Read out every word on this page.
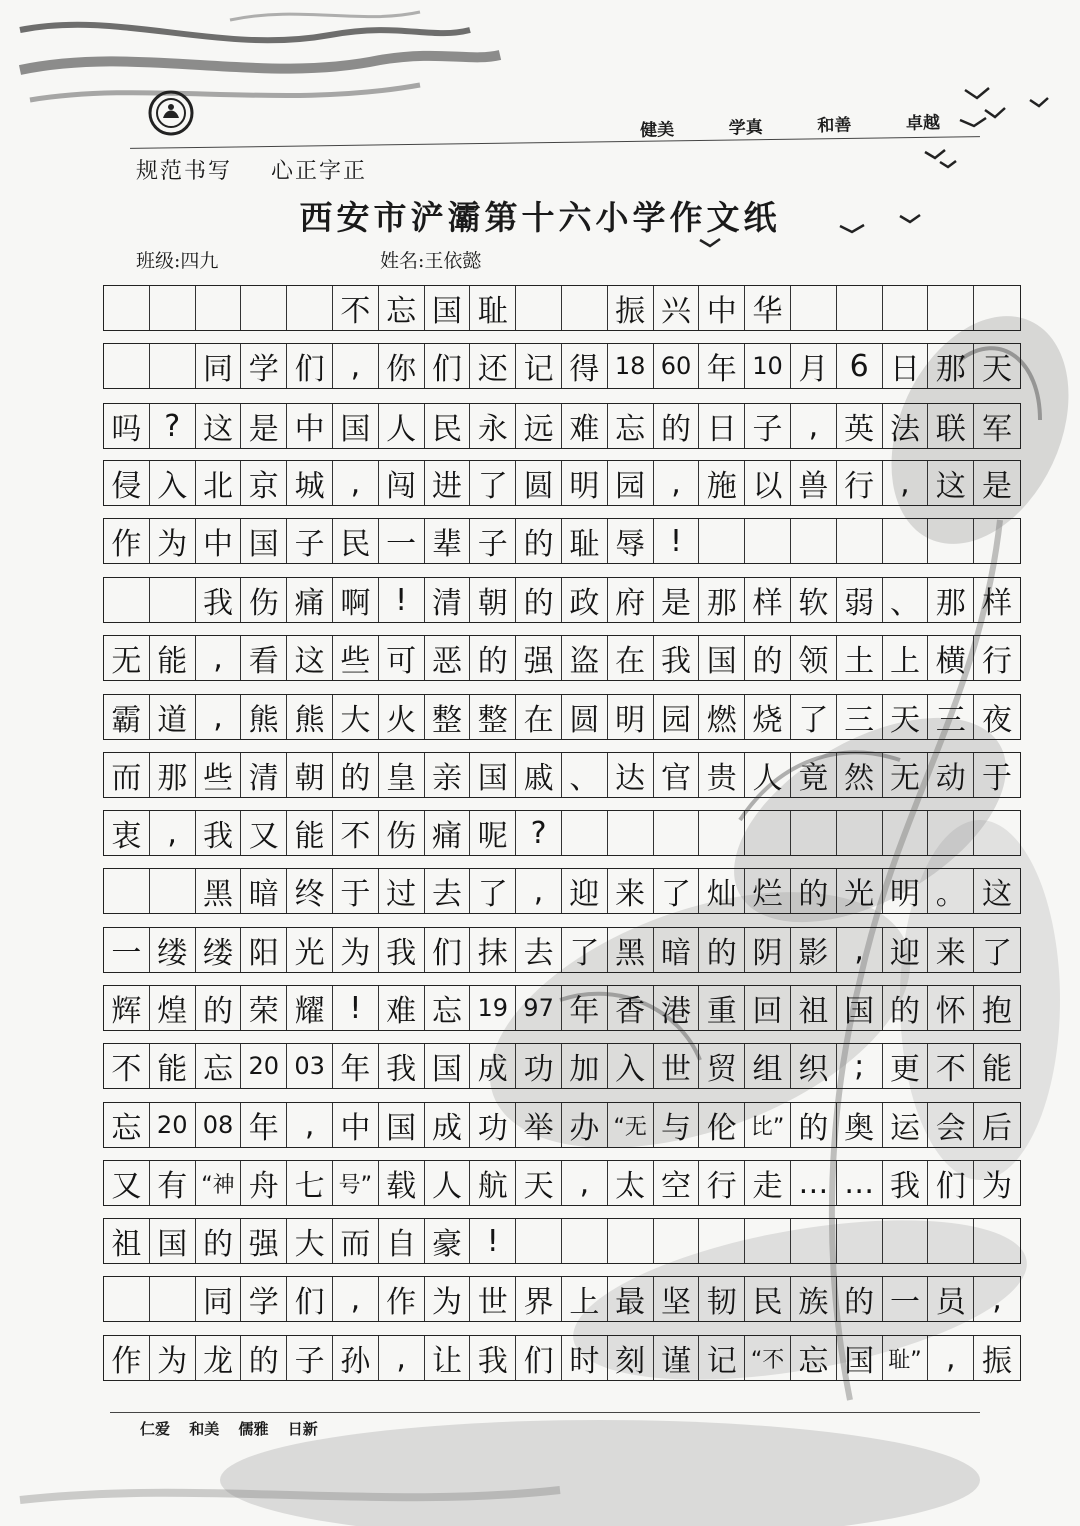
健美	学真	和善	卓越
规范书写 心正字正
西安市浐灞第十六小学作文纸
班级:四九	姓名:王依懿
不 忘 国 耻	振 兴 中 华
同 学 们 , 你 们 还 记 得 18 60 年 10 月 6 日 那 天
吗 ? 这 是 中 国 人 民 永 远 难 忘 的 日 子 , 英 法 联 军
侵 入 北 京 城 , 闯 进 了 圆 明 园 , 施 以 兽 行 , 这 是
作 为 中 国 子 民 一 辈 子 的 耻 辱 !
我 伤 痛 啊 ! 清 朝 的 政 府 是 那 样 软 弱 、 那 样
无 能 , 看 这 些 可 恶 的 强 盗 在 我 国 的 领 土 上 横 行
霸 道 , 熊 熊 大 火 整 整 在 圆 明 园 燃 烧 了 三 天 三 夜
而 那 些 清 朝 的 皇 亲 国 戚 、 达 官 贵 人 竟 然 无 动 于
衷 , 我 又 能 不 伤 痛 呢 ?
黑 暗 终 于 过 去 了 , 迎 来 了 灿 烂 的 光 明 。 这
一 缕 缕 阳 光 为 我 们 抹 去 了 黑 暗 的 阴 影 , 迎 来 了
辉 煌 的 荣 耀 ! 难 忘 19 97 年 香 港 重 回 祖 国 的 怀 抱
不 能 忘 20 03 年 我 国 成 功 加 入 世 贸 组 织 ; 更 不 能
忘 20 08 年 , 中 国 成 功 举 办 “无 与 伦 比” 的 奥 运 会 后
又 有 “神 舟 七 号” 载 人 航 天 , 太 空 行 走 … … 我 们 为
祖 国 的 强 大 而 自 豪 !
同 学 们 , 作 为 世 界 上 最 坚 韧 民 族 的 一 员 ,
作 为 龙 的 子 孙 , 让 我 们 时 刻 谨 记 “不 忘 国 耻” , 振
仁爱 和美 儒雅 日新
